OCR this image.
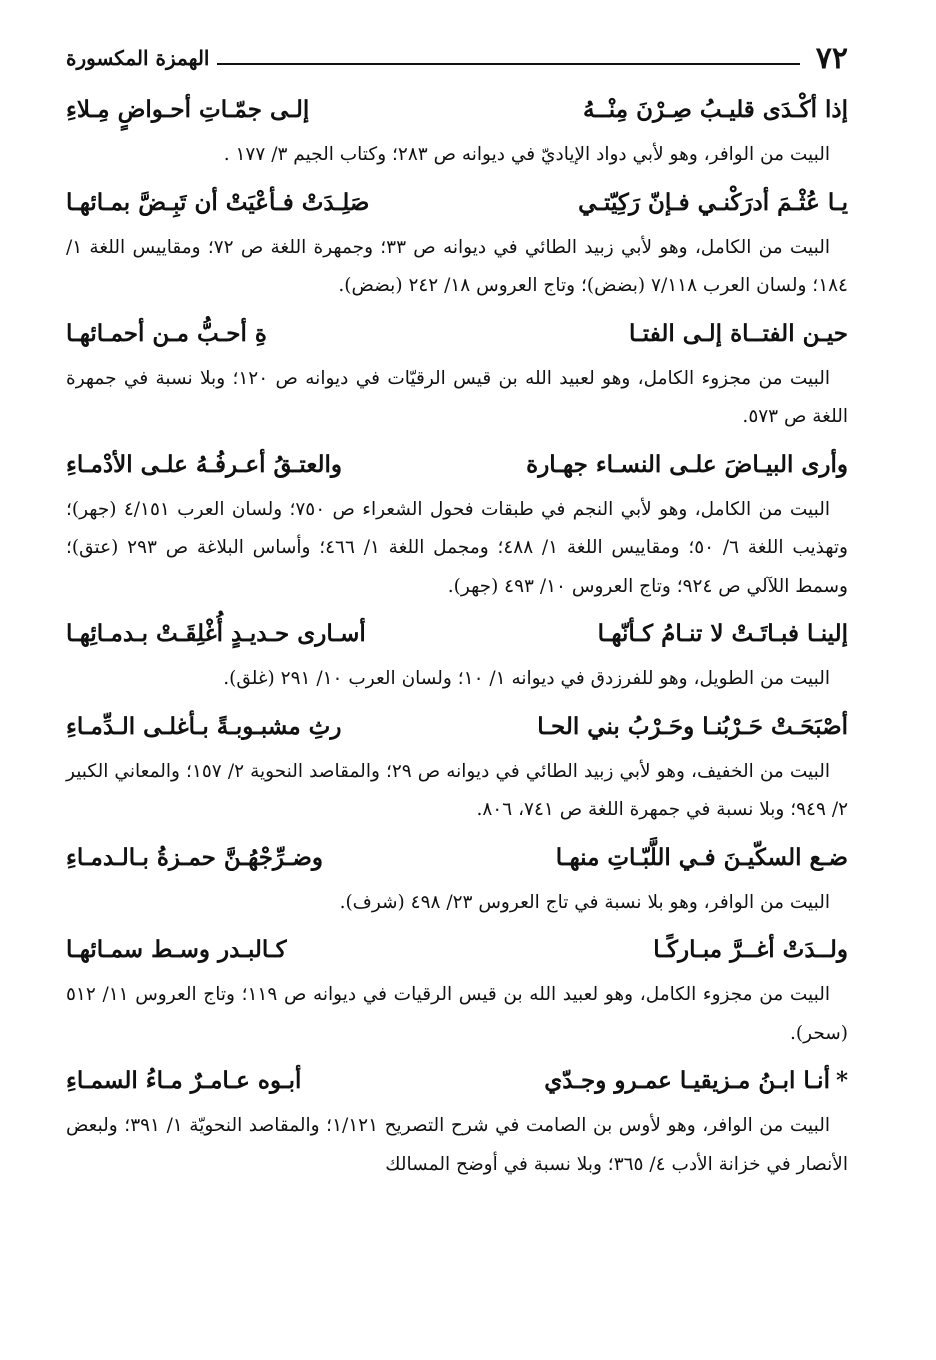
٧٢
الهمزة المكسورة
إذا أكْـدَى قليـبُ صِـرْنَ مِنْــهُ
إلـى جمّـاتِ أحـواضٍ مِـلاءِ

البيت من الوافر، وهو لأبي دواد الإياديّ في ديوانه ص ٢٨٣؛ وكتاب الجيم ٣/ ١٧٧ .

يـا عُثْـمَ أدرَكْنـي فـإنّ رَكِيّتـي
صَلِـدَتْ فـأعْيَتْ أن تَبِـضَّ بمـائهـا

البيت من الكامل، وهو لأبي زبيد الطائي في ديوانه ص ٣٣؛ وجمهرة اللغة ص ٧٢؛ ومقاييس اللغة ١/ ١٨٤؛ ولسان العرب ٧/١١٨ (بضض)؛ وتاج العروس ١٨/ ٢٤٢ (بضض).

حيـن الفتــاة إلـى الفتـا
ةِ أحـبُّ مـن أحمـائهـا

البيت من مجزوء الكامل، وهو لعبيد الله بن قيس الرقيّات في ديوانه ص ١٢٠؛ وبلا نسبة في جمهرة اللغة ص ٥٧٣.

وأرى البيـاضَ علـى النسـاء جهـارة
والعتـقُ أعـرفُـهُ علـى الأدْمـاءِ

البيت من الكامل، وهو لأبي النجم في طبقات فحول الشعراء ص ٧٥٠؛ ولسان العرب ٤/١٥١ (جهر)؛ وتهذيب اللغة ٦/ ٥٠؛ ومقاييس اللغة ١/ ٤٨٨؛ ومجمل اللغة ١/ ٤٦٦؛ وأساس البلاغة ص ٢٩٣ (عتق)؛ وسمط اللآلي ص ٩٢٤؛ وتاج العروس ١٠/ ٤٩٣ (جهر).

إلينـا فبـاتَـتْ لا تنـامُ كـأنّهـا
أسـارى حـديـدٍ أُغْلِقَـتْ بـدمـائِهـا

البيت من الطويل، وهو للفرزدق في ديوانه ١/ ١٠؛ ولسان العرب ١٠/ ٢٩١ (غلق).

أصْبَحَـتْ حَـرْبُنـا وحَـرْبُ بني الحـا
رثِ مشبـوبـةً بـأغلـى الـدِّمـاءِ

البيت من الخفيف، وهو لأبي زبيد الطائي في ديوانه ص ٢٩؛ والمقاصد النحوية ٢/ ١٥٧؛ والمعاني الكبير ٢/ ٩٤٩؛ وبلا نسبة في جمهرة اللغة ص ٧٤١، ٨٠٦.

ضـع السكّيـنَ فـي اللَّبّـاتِ منهـا
وضـرِّجْهُـنَّ حمـزةُ بـالـدمـاءِ

البيت من الوافر، وهو بلا نسبة في تاج العروس ٢٣/ ٤٩٨ (شرف).

ولــدَتْ أغــرَّ مبـاركًـا
كـالبـدر وسـط سمـائهـا

البيت من مجزوء الكامل، وهو لعبيد الله بن قيس الرقيات في ديوانه ص ١١٩؛ وتاج العروس ١١/ ٥١٢ (سحر).

*أنـا ابـنُ مـزيقيـا عمـرو وجـدّي
أبـوه عـامـرٌ مـاءُ السمـاءِ

البيت من الوافر، وهو لأوس بن الصامت في شرح التصريح ١/١٢١؛ والمقاصد النحويّة ١/ ٣٩١؛ ولبعض الأنصار في خزانة الأدب ٤/ ٣٦٥؛ وبلا نسبة في أوضح المسالك
